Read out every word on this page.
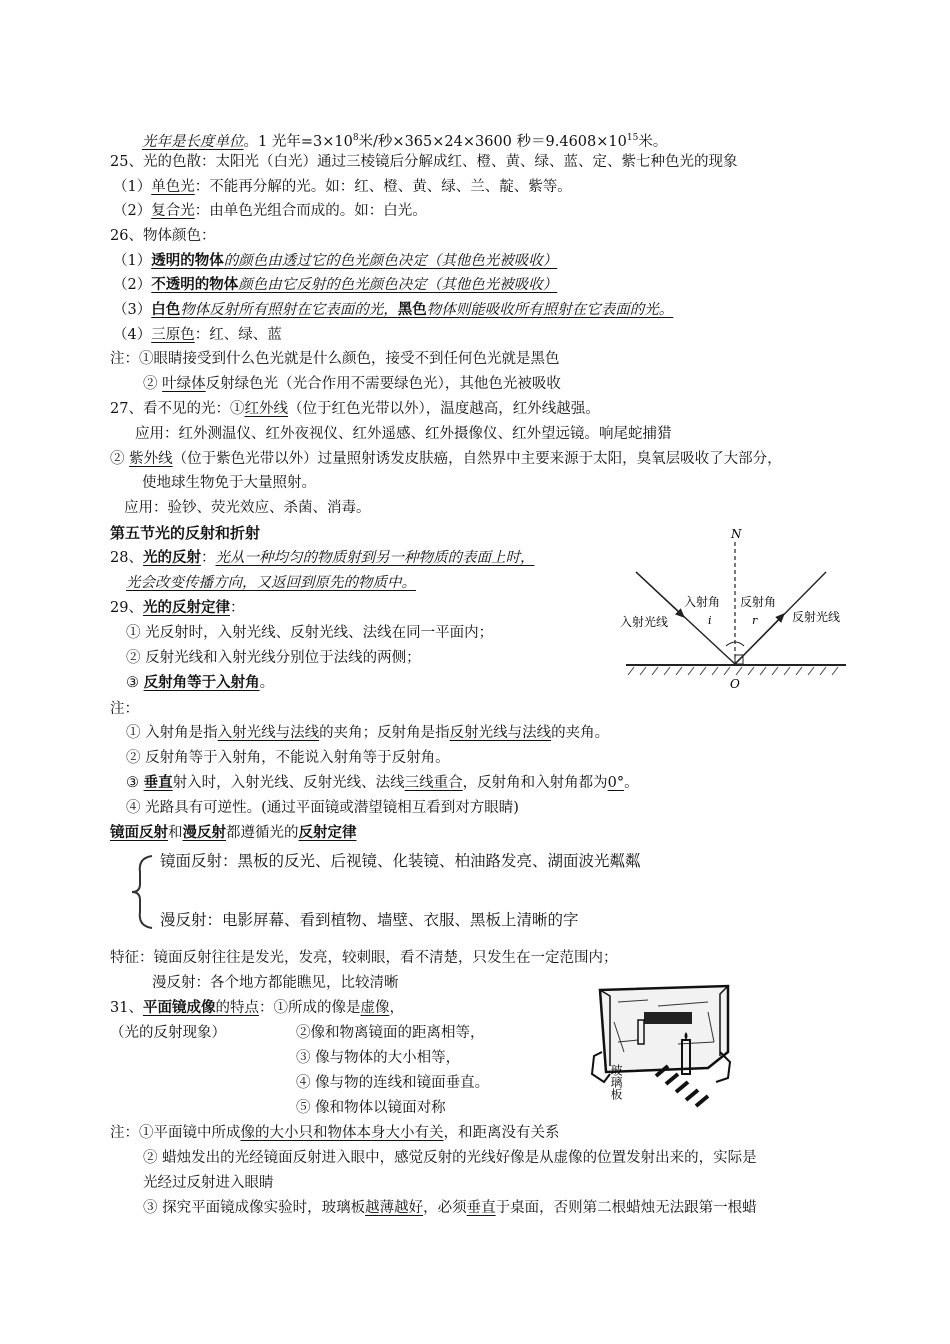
光年是长度单位。1 光年$=3\times 10^8$米/秒×365×24×3600 秒$=9.4608\times 10^{15}$米。
25、光的色散：太阳光（白光）通过三棱镜后分解成红、橙、黄、绿、蓝、定、紫七种色光的现象
（1）单色光：不能再分解的光。如：红、橙、黄、绿、兰、靛、紫等。
（2）复合光：由单色光组合而成的。如：白光。
26、物体颜色：
（1）透明的物体的颜色由透过它的色光颜色决定（其他色光被吸收）
（2）不透明的物体颜色由它反射的色光颜色决定（其他色光被吸收）
（3）白色物体反射所有照射在它表面的光，黑色物体则能吸收所有照射在它表面的光。
（4）三原色：红、绿、蓝
注：①眼睛接受到什么色光就是什么颜色，接受不到任何色光就是黑色
② 叶绿体反射绿色光（光合作用不需要绿色光），其他色光被吸收
27、看不见的光：①红外线（位于红色光带以外），温度越高，红外线越强。
应用：红外测温仪、红外夜视仪、红外遥感、红外摄像仪、红外望远镜。响尾蛇捕猎
② 紫外线（位于紫色光带以外）过量照射诱发皮肤癌，自然界中主要来源于太阳，臭氧层吸收了大部分，
使地球生物免于大量照射。
应用：验钞、荧光效应、杀菌、消毒。
第五节光的反射和折射
28、光的反射：光从一种均匀的物质射到另一种物质的表面上时，
光会改变传播方向，又返回到原先的物质中。
29、光的反射定律：
① 光反射时，入射光线、反射光线、法线在同一平面内；
② 反射光线和入射光线分别位于法线的两侧；
③ 反射角等于入射角。
注：
① 入射角是指入射光线与法线的夹角；反射角是指反射光线与法线的夹角。
② 反射角等于入射角，不能说入射角等于反射角。
③ 垂直射入时，入射光线、反射光线、法线三线重合，反射角和入射角都为0°。
④ 光路具有可逆性。(通过平面镜或潜望镜相互看到对方眼睛)
镜面反射和漫反射都遵循光的反射定律
镜面反射：黑板的反光、后视镜、化装镜、柏油路发亮、湖面波光粼粼
漫反射：电影屏幕、看到植物、墙壁、衣服、黑板上清晰的字
特征：镜面反射往往是发光，发亮，较刺眼，看不清楚，只发生在一定范围内；
漫反射：各个地方都能瞧见，比较清晰
31、平面镜成像的特点：①所成的像是虚像，
（光的反射现象）	②像和物离镜面的距离相等，
③ 像与物体的大小相等，
④ 像与物的连线和镜面垂直。
⑤ 像和物体以镜面对称
注：①平面镜中所成像的大小只和物体本身大小有关，和距离没有关系
② 蜡烛发出的光经镜面反射进入眼中，感觉反射的光线好像是从虚像的位置发射出来的，实际是
光经过反射进入眼睛
③ 探究平面镜成像实验时，玻璃板越薄越好，必须垂直于桌面，否则第二根蜡烛无法跟第一根蜡
N
入射角 反射角
入射光线	反射光线
i	r
O
玻璃板
